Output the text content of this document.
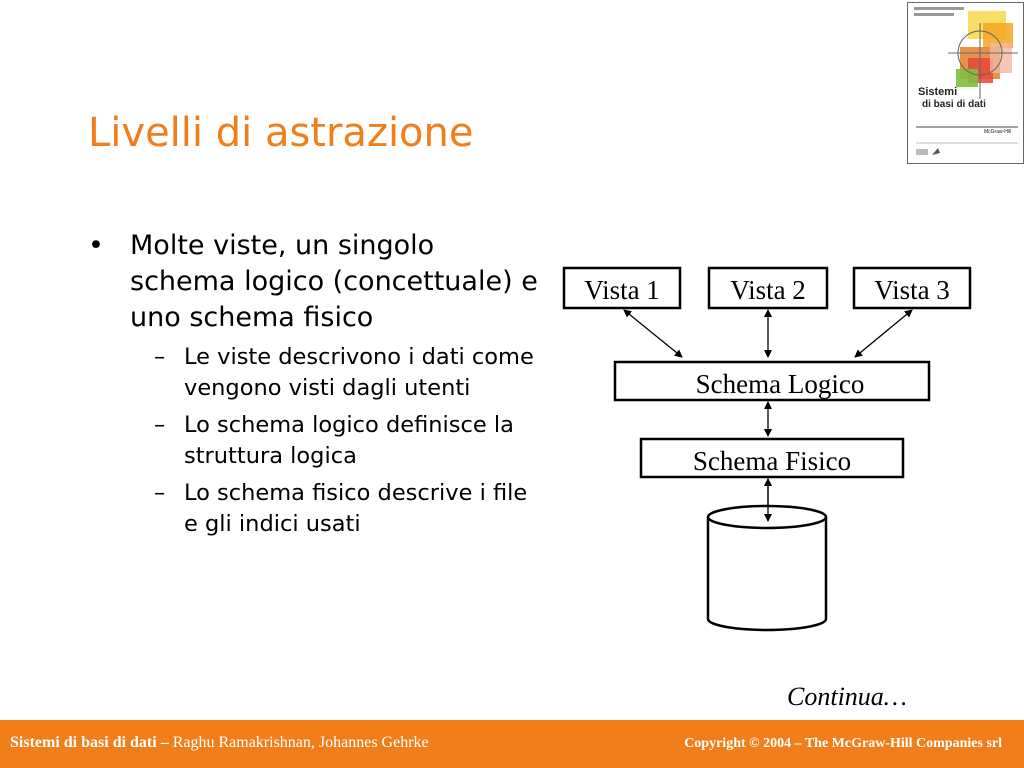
Livelli di astrazione
Sistemi
di basi di dati
McGraw-Hill
• Molte viste, un singolo schema logico (concettuale) e uno schema fisico
– Le viste descrivono i dati come vengono visti dagli utenti
– Lo schema logico definisce la struttura logica
– Lo schema fisico descrive i file e gli indici usati
Vista 1	Vista 2	Vista 3
Schema Logico
Schema Fisico
Continua…
Sistemi di basi di dati – Raghu Ramakrishnan, Johannes Gehrke	Copyright © 2004 – The McGraw-Hill Companies srl
